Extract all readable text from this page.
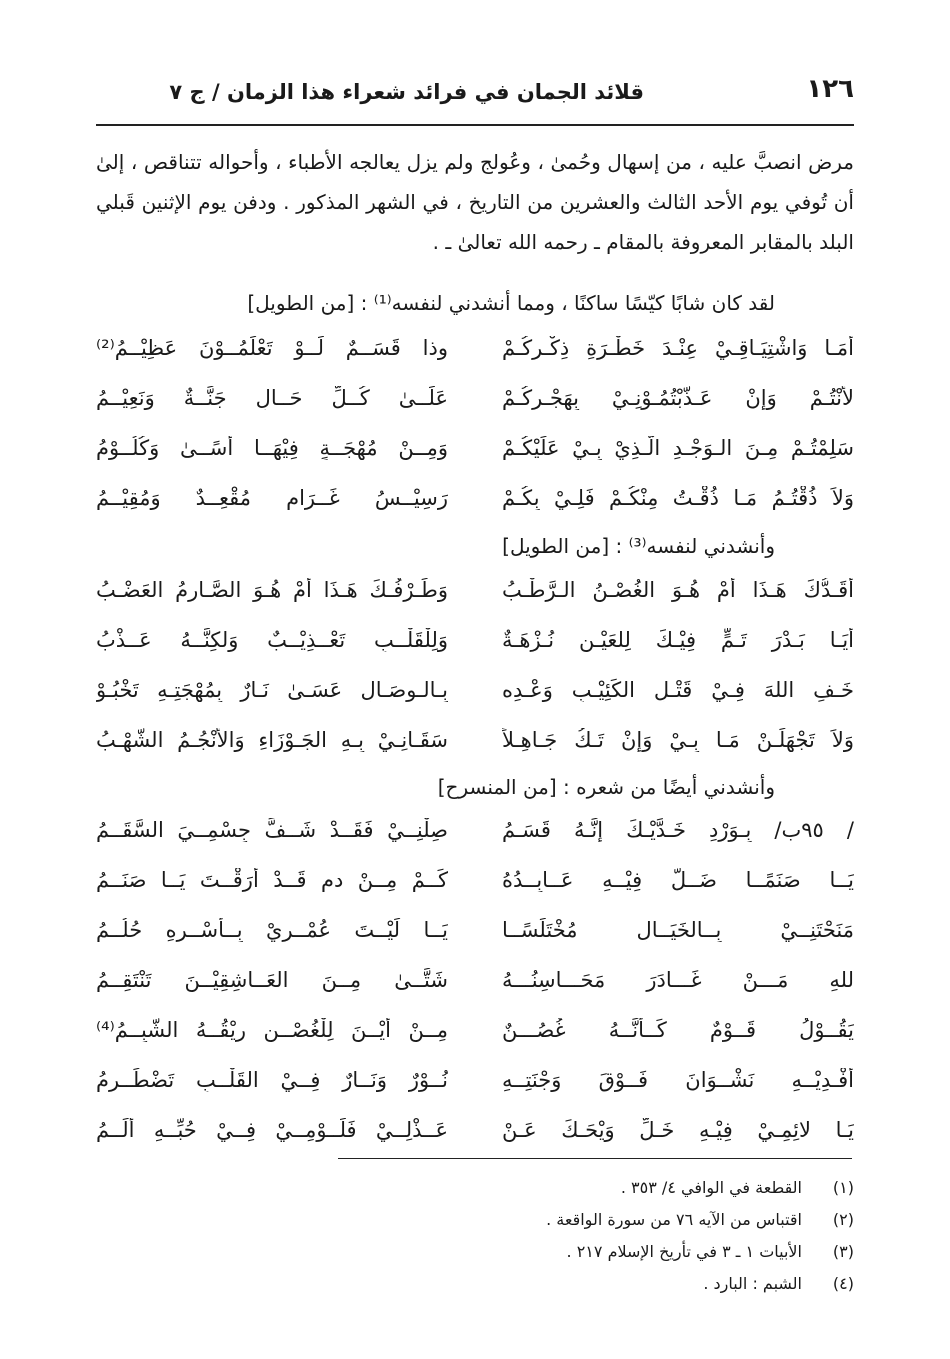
١٢٦
قلائد الجمان في فرائد شعراء هذا الزمان / ج ٧
مرض انصبَّ عليه ، من إسهال وحُمىٰ ، وعُولج ولم يزل يعالجه الأطباء ، وأحواله تتناقص ، إلىٰ أن تُوفي يوم الأحد الثالث والعشرين من التاريخ ، في الشهر المذكور . ودفن يوم الإثنين قَبلي البلد بالمقابر المعروفة بالمقام ـ رحمه الله تعالىٰ ـ .
لقد كان شابًا كيّسًا ساكنًا ، ومما أنشدني لنفسه⁽¹⁾ : [من الطويل]
أَمَـا وَاشْتِيَـاقِـيْ عِنْـدَ خَطْـرَةِ ذِكْـرِكُـمْ
وذا قَسَــمٌ لَــوْ تَعْلَمُــوْنَ عَظِيْــمُ⁽²⁾
لأَنْتُـمْ وَإِنْ عَـذَّبْتُمُـوْنِـيْ بِهَجْـرِكُـمْ
عَلَــىٰ كُــلِّ حَــالٍ جَنَّــةٌ وَنَعِيْــمُ
سَلِمْتُـمْ مِـنَ الـوَجْـدِ الَّـذِيْ بِـيْ عَلَيْكُـمْ
وَمِــنْ مُهْجَــةٍ فِيْهَــا أَسًــىٰ وَكُلُــوْمُ
وَلاَ ذُقْتُـمُ مَـا ذُقْـتُ مِنْكُـمْ فَلِـيْ بِكُـمْ
رَسِيْــسُ غَــرَامٍ مُقْعِــدٌ وَمُقِيْــمُ
وأنشدني لنفسه⁽³⁾ : [من الطويل]
أَقَـدُّكَ هَـذَا أَمْ هُـوَ الغُصْـنُ الـرَّطْـبُ
وَطَـرْفُـكَ هَـذَا أَمْ هُـوَ الصَّـارِمُ العَضْـبُ
أَيَـا بَـدْرَ تَـمٍّ فِيْـكَ لِلعَيْـنِ نُـزْهَـةٌ
وَلِلْقَلْــبِ تَعْــذِيْــبٌ وَلكِنَّــهُ عَــذْبُ
خَـفِ اللهَ فِـيْ قَتْـلِ الكَئِيْـبِ وَعْـدِه
بِـالـوِصَـالِ عَسَـىٰ نَـارٌ بِمُهْجَتِـهِ تَخْبُـوْ
وَلاَ تَجْهَلَـنْ مَـا بِـيْ وَإِنْ تَـكُ جَـاهِـلاً
سَقَـانِـيْ بِـهِ الجَـوْزَاءِ وَالأَنْجُـمُ الشُّهْـبُ
وأنشدني أيضًا من شعره : [من المنسرح]
/ ٩٥ب/ بِـوَرْدِ خَـدَّيْـكَ إِنَّـهُ قَسَـمُ
صِلْنِــيْ فَقَــدْ شَــفَّ جِسْمِــيَ السَّقَــمُ
يَــا صَنَمًــا ضَــلَّ فِيْــهِ عَــابِــدُهُ
كَــمْ مِــنْ دمٍ قَــدْ أَرَقْــتَ يَــا صَنَــمُ
مَنَحْتَنِــيْ بِــالخَيَــالِ مُخْتَلَسًــا
يَــا لَيْــتَ عُمْــرِيْ بِــأَسْــرِهِ حُلُــمُ
للهِ مَـــنْ غَـــادَرَ مَحَـــاسِنُـــهُ
شَتَّــىٰ مِــنَ العَــاشِقِيْــنَ تَنْتَقِــمُ
يَقُــوْلُ قَــوْمٌ كَــأَنَّــهُ غُصُـــنٌ
مِــنْ أَيْــنَ لِلْغُصْــنِ رِيْقُــهُ الشَّبِــمُ⁽⁴⁾
أَفْـدِيْــهِ نَشْــوَانَ فَــوْقَ وَجْنَتِــهِ
نُــوْرٌ وَنَــارٌ فِــيْ القَلْــبِ تَضْطَــرِمُ
يَـا لائِمِـيْ فِيْـهِ خَـلِّ وَيْحَـكَ عَـنْ
عَــذْلِــيْ فَلَــوْمِــيْ فِــيْ حُبِّــهِ أَلَــمُ
(١)
القطعة في الوافي ٤/ ٣٥٣ .
(٢)
اقتباس من الآيه ٧٦ من سورة الواقعة .
(٣)
الأبيات ١ ـ ٣ في تأريخ الإسلام ٢١٧ .
(٤)
الشبم : البارد .
